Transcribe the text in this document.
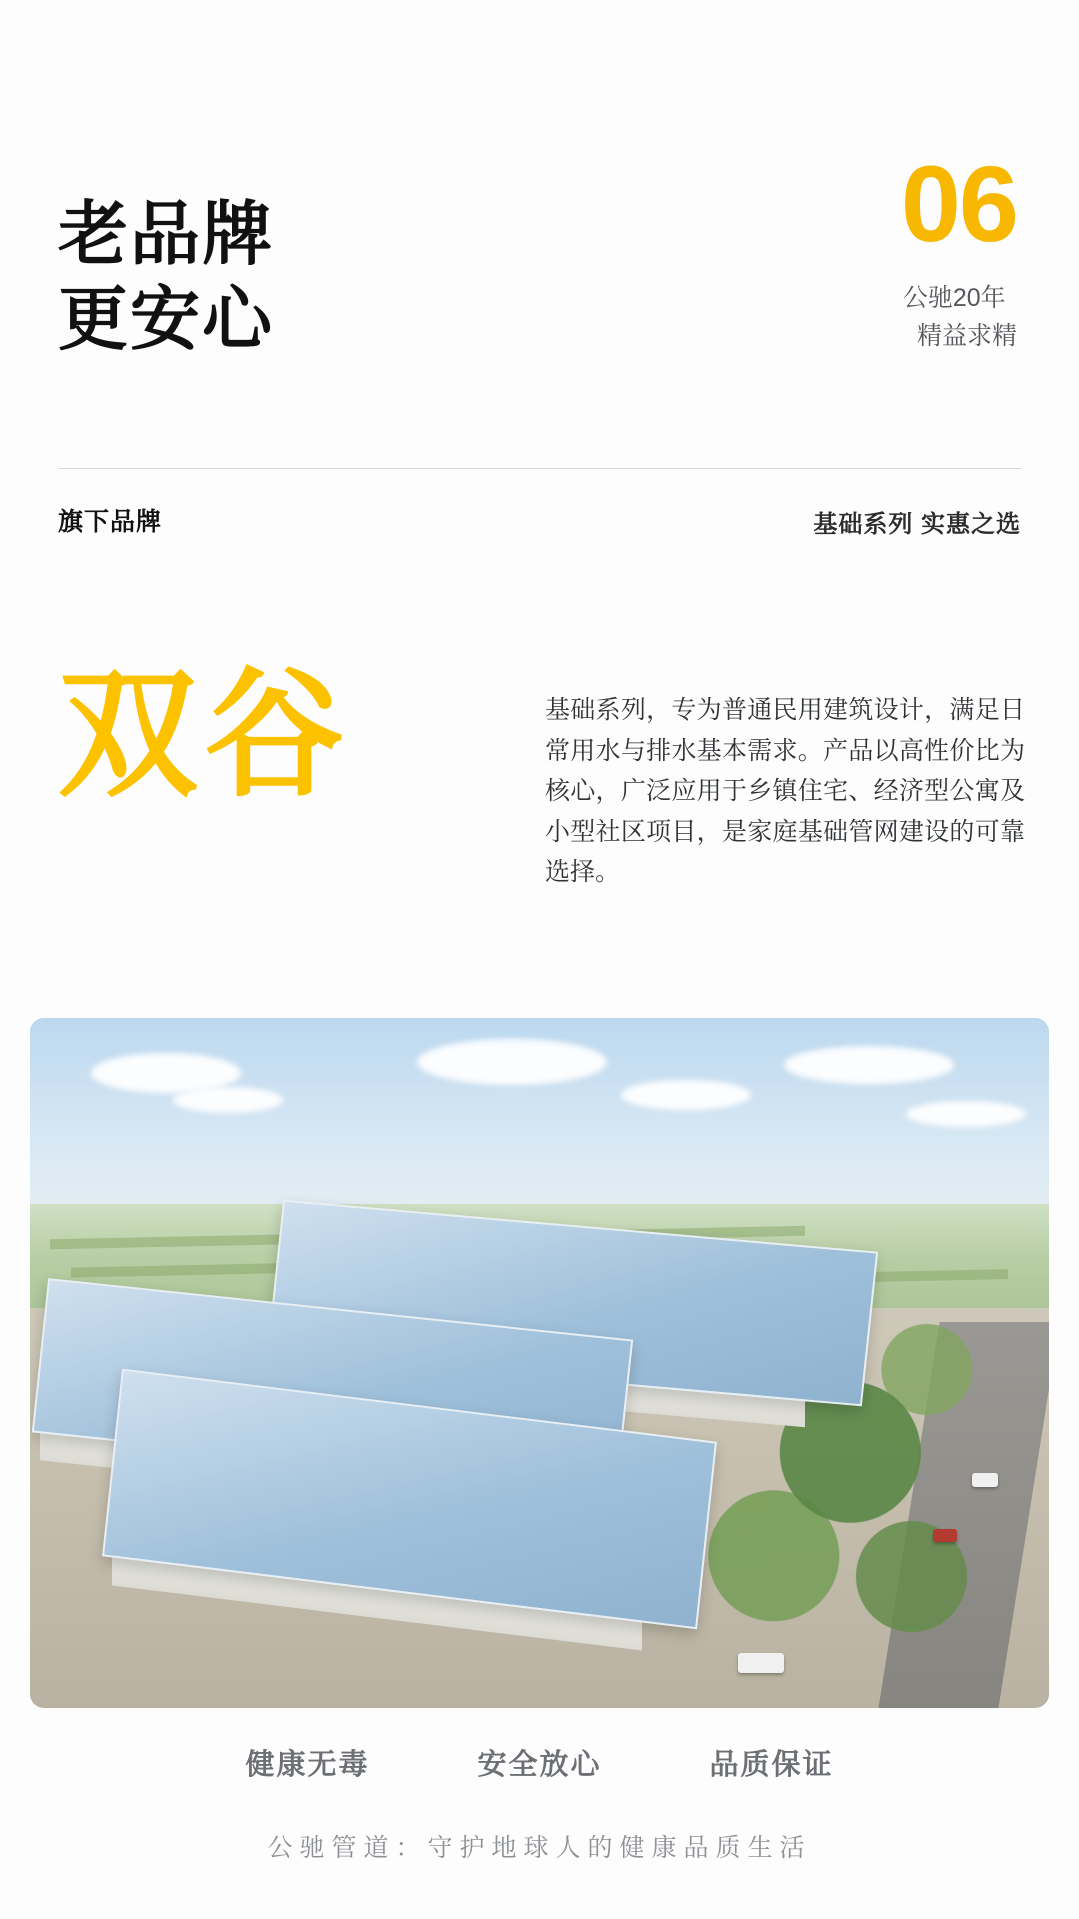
老品牌
更安心
06
公驰20年
精益求精
旗下品牌	基础系列 实惠之选
双谷	基础系列，专为普通民用建筑设计，满足日常用水与排水基本需求。产品以高性价比为核心，广泛应用于乡镇住宅、经济型公寓及小型社区项目，是家庭基础管网建设的可靠选择。
健康无毒	安全放心	品质保证
公驰管道：守护地球人的健康品质生活
